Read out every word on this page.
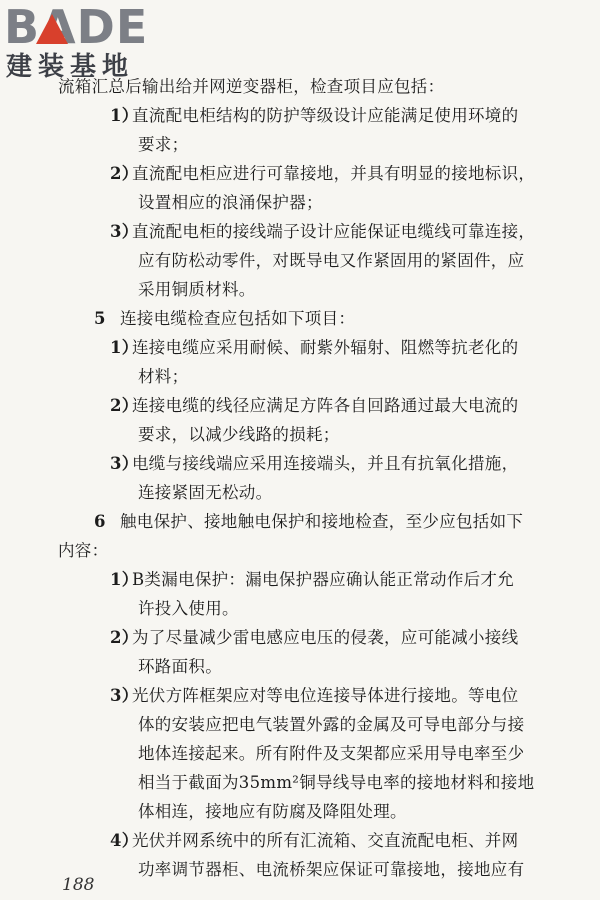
BADE
建装基地
流箱汇总后输出给并网逆变器柜，检查项目应包括：
1）直流配电柜结构的防护等级设计应能满足使用环境的
要求；
2）直流配电柜应进行可靠接地，并具有明显的接地标识，
设置相应的浪涌保护器；
3）直流配电柜的接线端子设计应能保证电缆线可靠连接，
应有防松动零件，对既导电又作紧固用的紧固件，应
采用铜质材料。
5 连接电缆检查应包括如下项目：
1）连接电缆应采用耐候、耐紫外辐射、阻燃等抗老化的
材料；
2）连接电缆的线径应满足方阵各自回路通过最大电流的
要求，以减少线路的损耗；
3）电缆与接线端应采用连接端头，并且有抗氧化措施，
连接紧固无松动。
6 触电保护、接地触电保护和接地检查，至少应包括如下
内容：
1）B类漏电保护：漏电保护器应确认能正常动作后才允
许投入使用。
2）为了尽量减少雷电感应电压的侵袭，应可能减小接线
环路面积。
3）光伏方阵框架应对等电位连接导体进行接地。等电位
体的安装应把电气装置外露的金属及可导电部分与接
地体连接起来。所有附件及支架都应采用导电率至少
相当于截面为35mm²铜导线导电率的接地材料和接地
体相连，接地应有防腐及降阻处理。
4）光伏并网系统中的所有汇流箱、交直流配电柜、并网
功率调节器柜、电流桥架应保证可靠接地，接地应有
188
